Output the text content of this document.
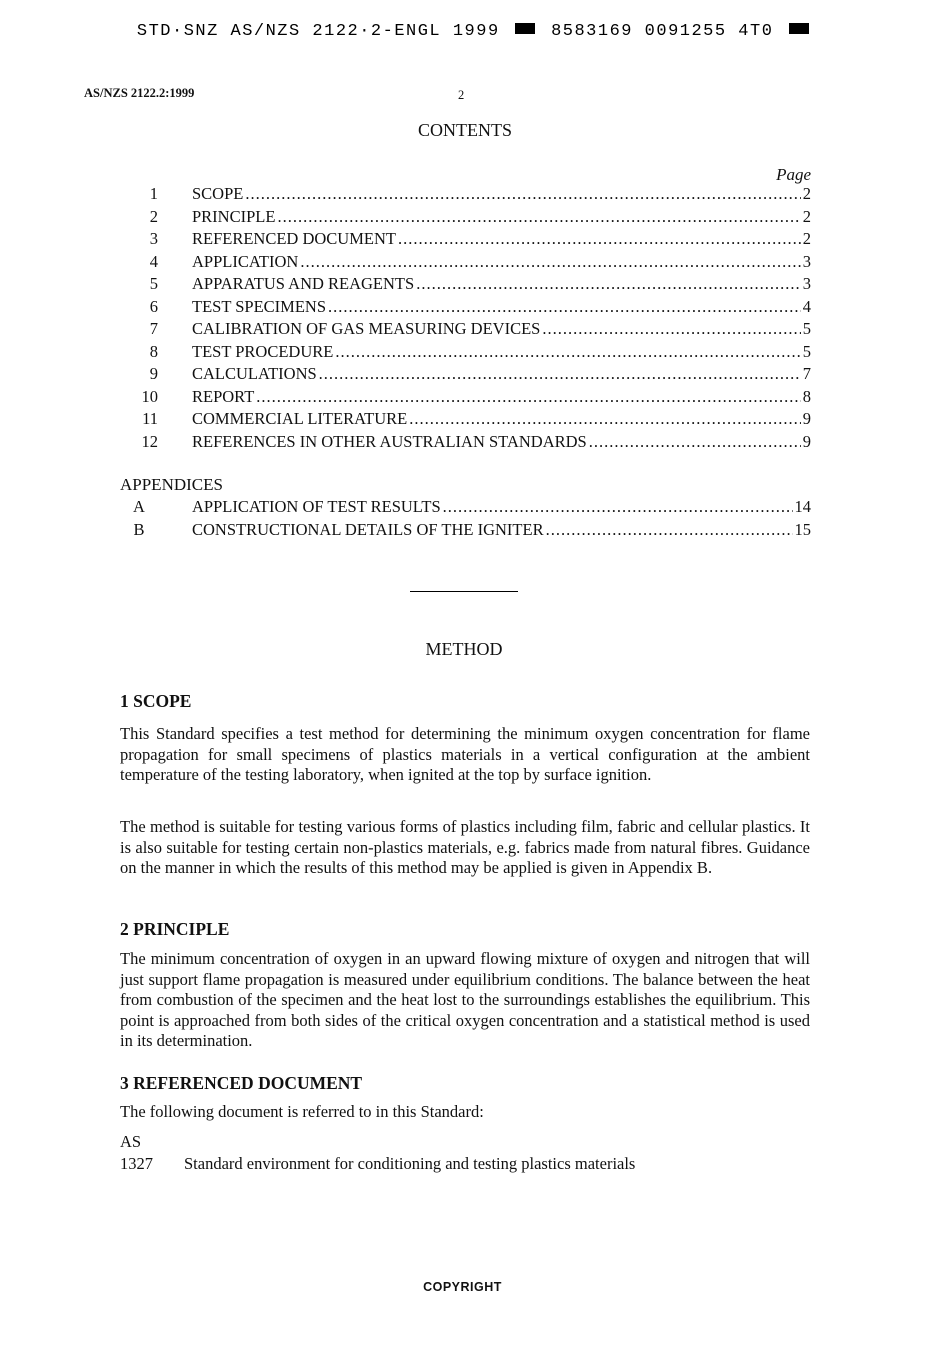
STD·SNZ AS/NZS 2122·2-ENGL 1999	8583169 0091255 4T0
AS/NZS 2122.2:1999	2
CONTENTS
Page
1 SCOPE .....	2
2 PRINCIPLE .....	2
3 REFERENCED DOCUMENT .....	2
4 APPLICATION .....	3
5 APPARATUS AND REAGENTS .....	3
6 TEST SPECIMENS .....	4
7 CALIBRATION OF GAS MEASURING DEVICES .....	5
8 TEST PROCEDURE .....	5
9 CALCULATIONS .....	7
10 REPORT .....	8
11 COMMERCIAL LITERATURE .....	9
12 REFERENCES IN OTHER AUSTRALIAN STANDARDS .....	9
APPENDICES
A	APPLICATION OF TEST RESULTS .....	14
B	CONSTRUCTIONAL DETAILS OF THE IGNITER .....	15
METHOD
1 SCOPE
This Standard specifies a test method for determining the minimum oxygen concentration for flame propagation for small specimens of plastics materials in a vertical configuration at the ambient temperature of the testing laboratory, when ignited at the top by surface ignition.
The method is suitable for testing various forms of plastics including film, fabric and cellular plastics. It is also suitable for testing certain non-plastics materials, e.g. fabrics made from natural fibres. Guidance on the manner in which the results of this method may be applied is given in Appendix B.
2 PRINCIPLE
The minimum concentration of oxygen in an upward flowing mixture of oxygen and nitrogen that will just support flame propagation is measured under equilibrium conditions. The balance between the heat from combustion of the specimen and the heat lost to the surroundings establishes the equilibrium. This point is approached from both sides of the critical oxygen concentration and a statistical method is used in its determination.
3 REFERENCED DOCUMENT
The following document is referred to in this Standard:
AS
1327 Standard environment for conditioning and testing plastics materials
COPYRIGHT
